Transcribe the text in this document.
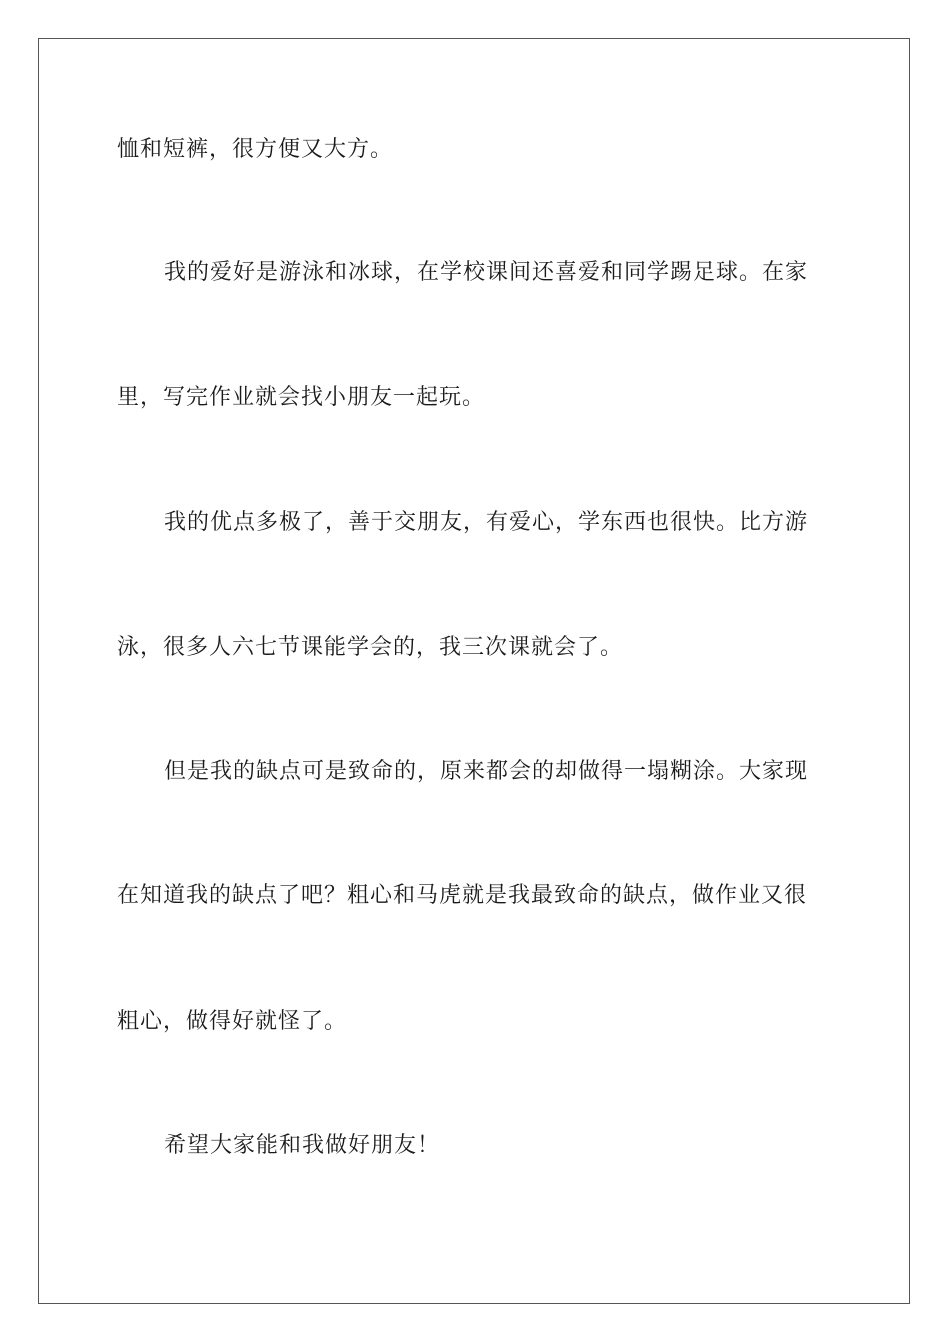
恤和短裤，很方便又大方。
我的爱好是游泳和冰球，在学校课间还喜爱和同学踢足球。在家
里，写完作业就会找小朋友一起玩。
我的优点多极了，善于交朋友，有爱心，学东西也很快。比方游
泳，很多人六七节课能学会的，我三次课就会了。
但是我的缺点可是致命的，原来都会的却做得一塌糊涂。大家现
在知道我的缺点了吧？粗心和马虎就是我最致命的缺点，做作业又很
粗心，做得好就怪了。
希望大家能和我做好朋友！
